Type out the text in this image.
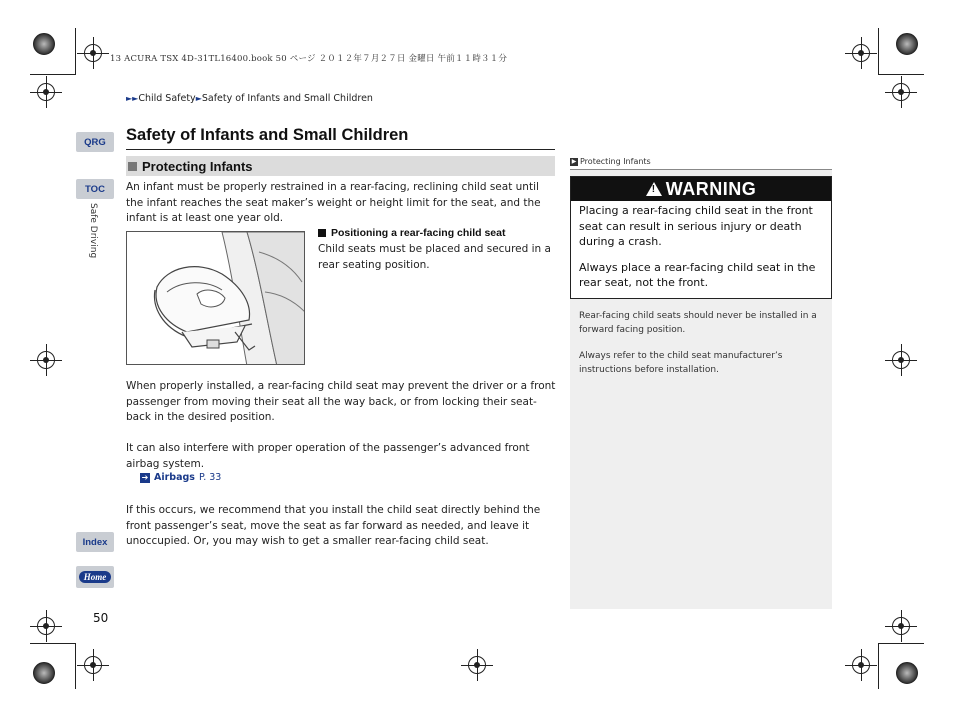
13 ACURA TSX 4D-31TL16400.book 50 ページ ２０１２年７月２７日 金曜日 午前１１時３１分
►►Child Safety►Safety of Infants and Small Children
QRG
TOC
Safe Driving
Index
Home
Safety of Infants and Small Children
Protecting Infants
An infant must be properly restrained in a rear-facing, reclining child seat until the infant reaches the seat maker’s weight or height limit for the seat, and the infant is at least one year old.
Positioning a rear-facing child seat
Child seats must be placed and secured in a rear seating position.
When properly installed, a rear-facing child seat may prevent the driver or a front passenger from moving their seat all the way back, or from locking their seat-back in the desired position.
It can also interfere with proper operation of the passenger’s advanced front airbag system.
➔ Airbags P. 33
If this occurs, we recommend that you install the child seat directly behind the front passenger’s seat, move the seat as far forward as needed, and leave it unoccupied. Or, you may wish to get a smaller rear-facing child seat.
50
▶ Protecting Infants
! WARNING
Placing a rear-facing child seat in the front seat can result in serious injury or death during a crash.
Always place a rear-facing child seat in the rear seat, not the front.
Rear-facing child seats should never be installed in a forward facing position.
Always refer to the child seat manufacturer’s instructions before installation.
